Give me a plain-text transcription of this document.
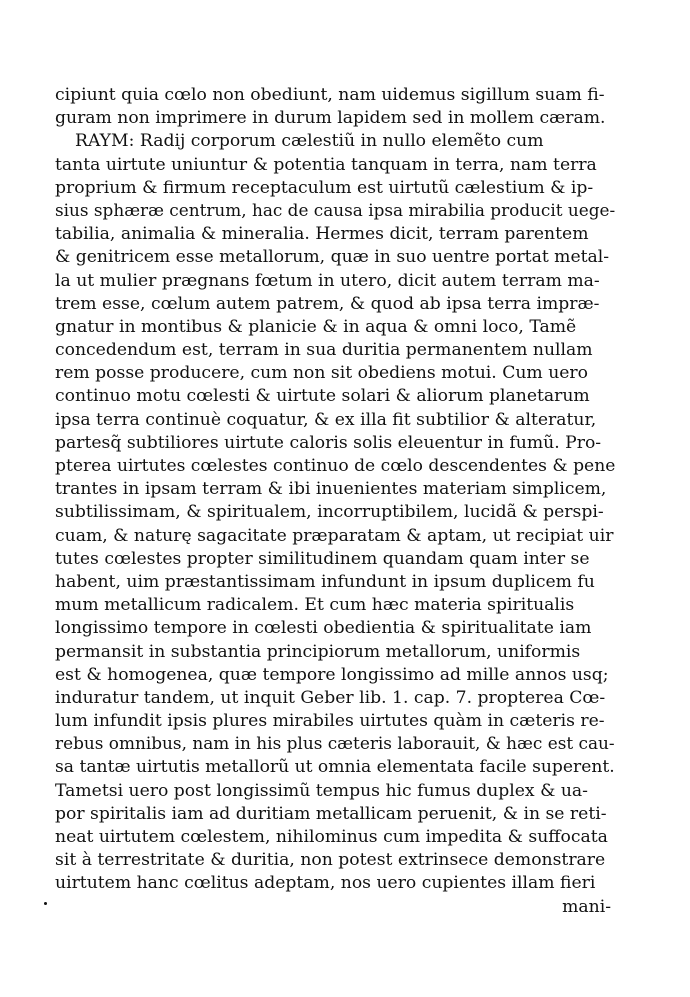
cipiunt quia cœlo non obediunt, nam uidemus sigillum suam fi-
guram non imprimere in durum lapidem sed in mollem cæram.
RAYM: Radij corporum cælestiũ in nullo elemẽto cum
tanta uirtute uniuntur & potentia tanquam in terra, nam terra
proprium & firmum receptaculum est uirtutũ cælestium & ip-
sius sphæræ centrum, hac de causa ipsa mirabilia producit uege-
tabilia, animalia & mineralia. Hermes dicit, terram parentem
& genitricem esse metallorum, quæ in suo uentre portat metal-
la ut mulier prægnans fœtum in utero, dicit autem terram ma-
trem esse, cœlum autem patrem, & quod ab ipsa terra impræ-
gnatur in montibus & planicie & in aqua & omni loco, Tamẽ
concedendum est, terram in sua duritia permanentem nullam
rem posse producere, cum non sit obediens motui. Cum uero
continuo motu cœlesti & uirtute solari & aliorum planetarum
ipsa terra continuè coquatur, & ex illa fit subtilior & alteratur,
partesq̃ subtiliores uirtute caloris solis eleuentur in fumũ. Pro-
pterea uirtutes cœlestes continuo de cœlo descendentes & pene
trantes in ipsam terram & ibi inuenientes materiam simplicem,
subtilissimam, & spiritualem, incorruptibilem, lucidã & perspi-
cuam, & naturę sagacitate præparatam & aptam, ut recipiat uir
tutes cœlestes propter similitudinem quandam quam inter se
habent, uim præstantissimam infundunt in ipsum duplicem fu
mum metallicum radicalem. Et cum hæc materia spiritualis
longissimo tempore in cœlesti obedientia & spiritualitate iam
permansit in substantia principiorum metallorum, uniformis
est & homogenea, quæ tempore longissimo ad mille annos usq;
induratur tandem, ut inquit Geber lib. 1. cap. 7. propterea Cœ-
lum infundit ipsis plures mirabiles uirtutes quàm in cæteris re-
rebus omnibus, nam in his plus cæteris laborauit, & hæc est cau-
sa tantæ uirtutis metallorũ ut omnia elementata facile superent.
Tametsi uero post longissimũ tempus hic fumus duplex & ua-
por spiritalis iam ad duritiam metallicam peruenit, & in se reti-
neat uirtutem cœlestem, nihilominus cum impedita & suffocata
sit à terrestritate & duritia, non potest extrinsece demonstrare
uirtutem hanc cœlitus adeptam, nos uero cupientes illam fieri
mani-
